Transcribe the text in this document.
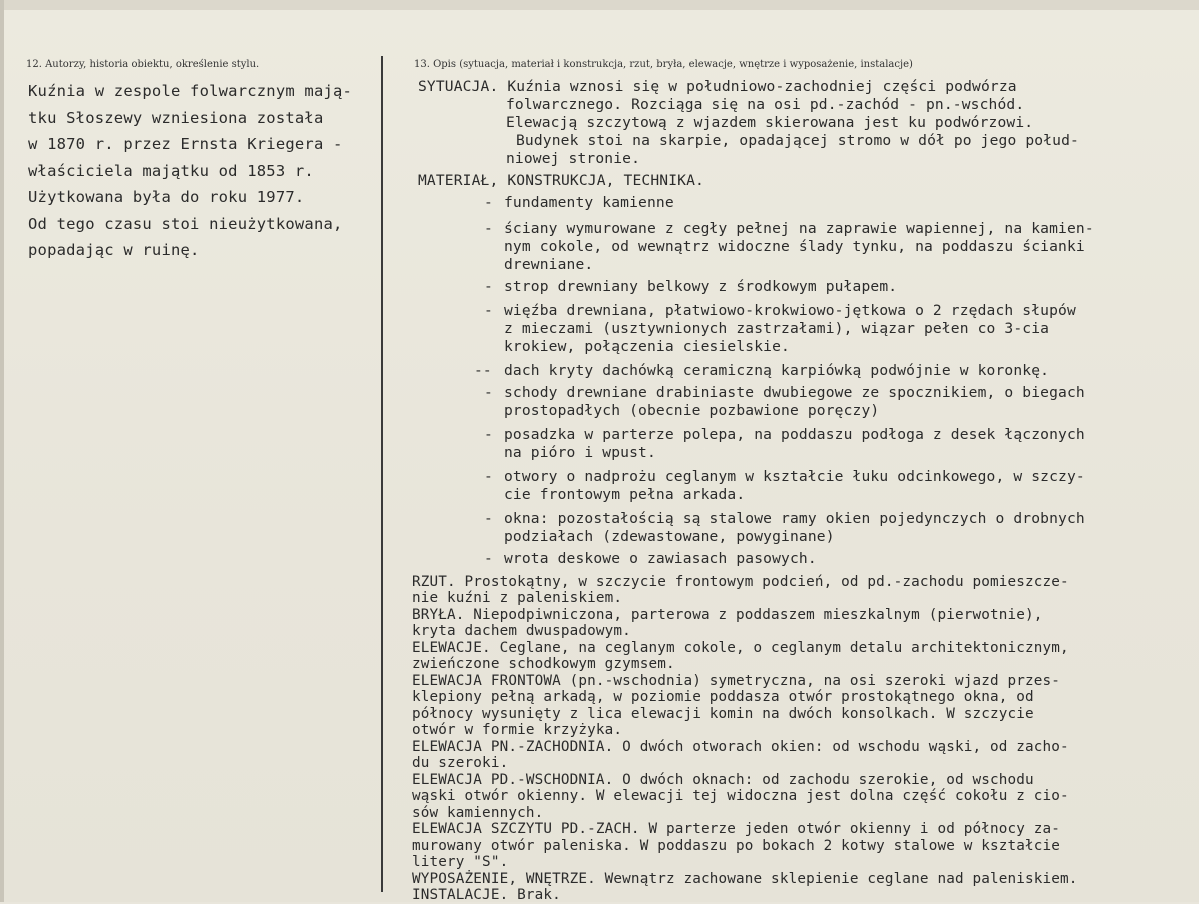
12. Autorzy, historia obiektu, określenie stylu.	13. Opis (sytuacja, materiał i konstrukcja, rzut, bryła, elewacje, wnętrze i wyposażenie, instalacje)
Kuźnia w zespole folwarcznym mają-
tku Słoszewy wzniesiona została
w 1870 r. przez Ernsta Kriegera -
właściciela majątku od 1853 r.
Użytkowana była do roku 1977.
Od tego czasu stoi nieużytkowana,
popadając w ruinę.
SYTUACJA. Kuźnia wznosi się w południowo-zachodniej części podwórza
folwarcznego. Rozciąga się na osi pd.-zachód - pn.-wschód.
Elewacją szczytową z wjazdem skierowana jest ku podwórzowi.
Budynek stoi na skarpie, opadającej stromo w dół po jego połud-
niowej stronie.
MATERIAŁ, KONSTRUKCJA, TECHNIKA.
- fundamenty kamienne
- ściany wymurowane z cegły pełnej na zaprawie wapiennej, na kamien-
nym cokole, od wewnątrz widoczne ślady tynku, na poddaszu ścianki
drewniane.
- strop drewniany belkowy z środkowym pułapem.
- więźba drewniana, płatwiowo-krokwiowo-jętkowa o 2 rzędach słupów
z mieczami (usztywnionych zastrzałami), wiązar pełen co 3-cia
krokiew, połączenia ciesielskie.
-- dach kryty dachówką ceramiczną karpiówką podwójnie w koronkę.
- schody drewniane drabiniaste dwubiegowe ze spocznikiem, o biegach
prostopadłych (obecnie pozbawione poręczy)
- posadzka w parterze polepa, na poddaszu podłoga z desek łączonych
na pióro i wpust.
- otwory o nadprożu ceglanym w kształcie łuku odcinkowego, w szczy-
cie frontowym pełna arkada.
- okna: pozostałością są stalowe ramy okien pojedynczych o drobnych
podziałach (zdewastowane, powyginane)
- wrota deskowe o zawiasach pasowych.
RZUT. Prostokątny, w szczycie frontowym podcień, od pd.-zachodu pomieszcze-
nie kuźni z paleniskiem.
BRYŁA. Niepodpiwniczona, parterowa z poddaszem mieszkalnym (pierwotnie),
kryta dachem dwuspadowym.
ELEWACJE. Ceglane, na ceglanym cokole, o ceglanym detalu architektonicznym,
zwieńczone schodkowym gzymsem.
ELEWACJA FRONTOWA (pn.-wschodnia) symetryczna, na osi szeroki wjazd przes-
klepiony pełną arkadą, w poziomie poddasza otwór prostokątnego okna, od
północy wysunięty z lica elewacji komin na dwóch konsolkach. W szczycie
otwór w formie krzyżyka.
ELEWACJA PN.-ZACHODNIA. O dwóch otworach okien: od wschodu wąski, od zacho-
du szeroki.
ELEWACJA PD.-WSCHODNIA. O dwóch oknach: od zachodu szerokie, od wschodu
wąski otwór okienny. W elewacji tej widoczna jest dolna część cokołu z cio-
sów kamiennych.
ELEWACJA SZCZYTU PD.-ZACH. W parterze jeden otwór okienny i od północy za-
murowany otwór paleniska. W poddaszu po bokach 2 kotwy stalowe w kształcie
litery "S".
WYPOSAŻENIE, WNĘTRZE. Wewnątrz zachowane sklepienie ceglane nad paleniskiem.
INSTALACJE. Brak.
